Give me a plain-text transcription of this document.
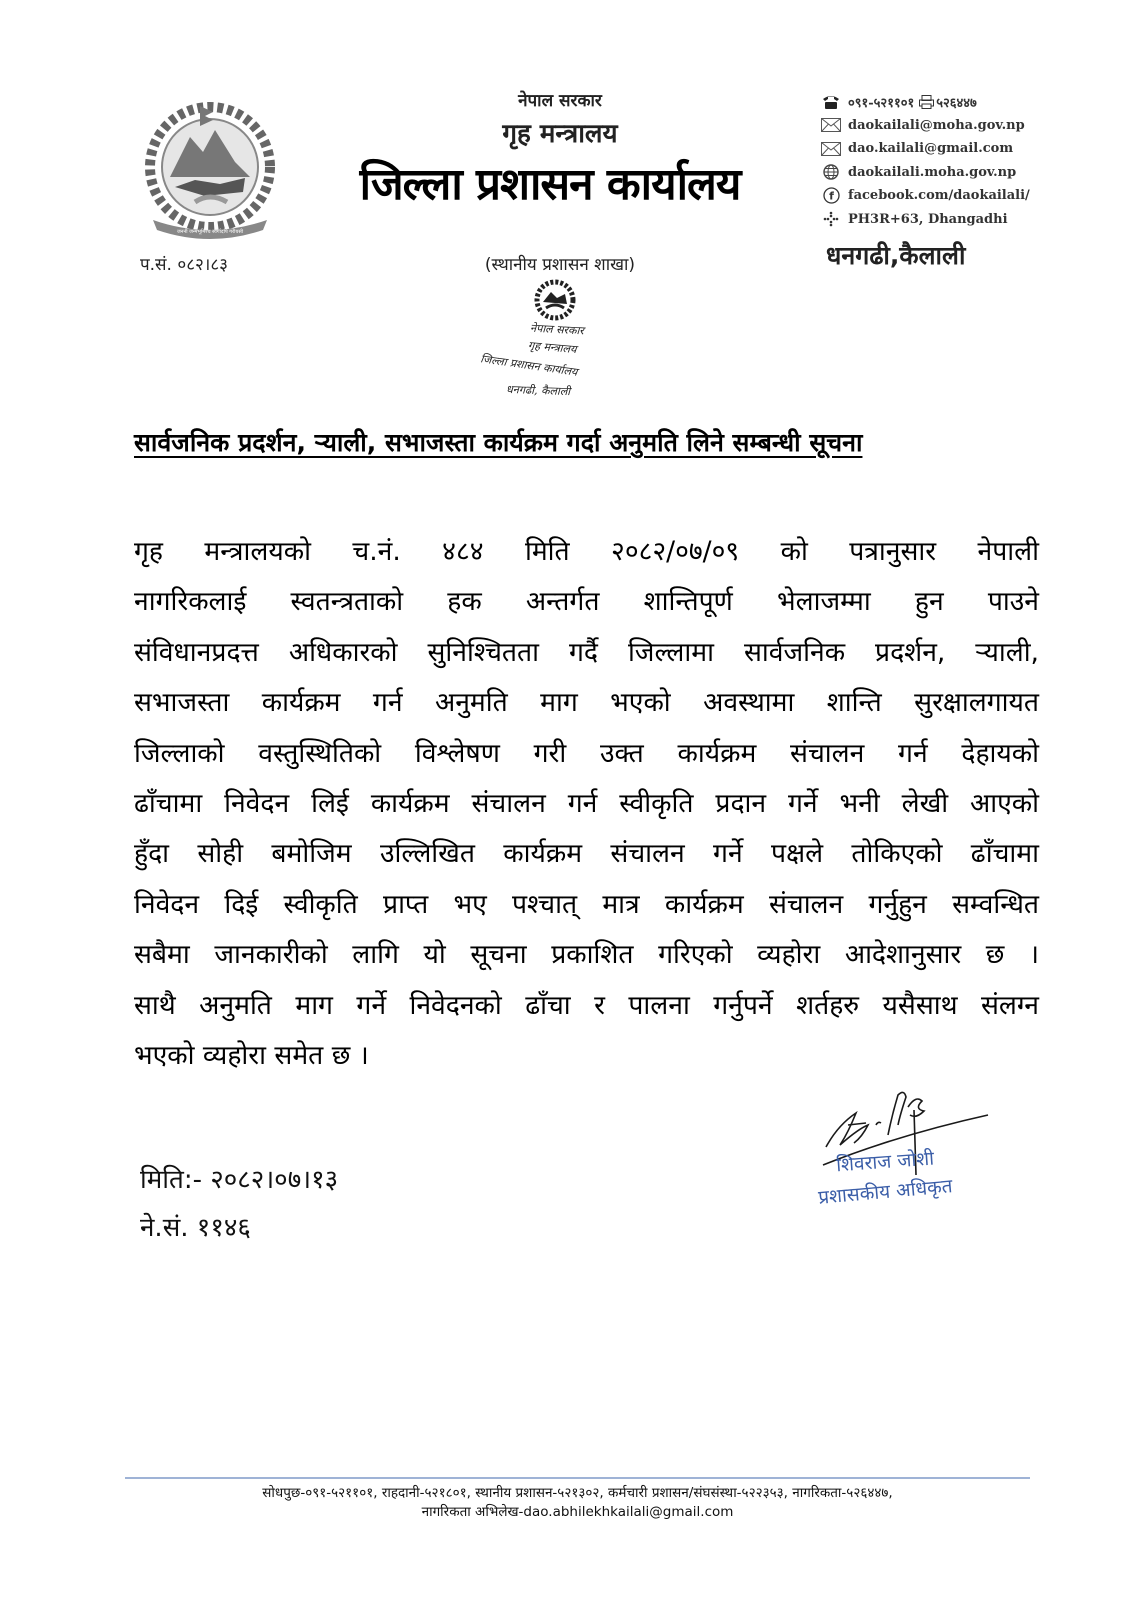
जननी जन्मभूमिश्च स्वर्गादपि गरीयसी
नेपाल सरकार
गृह मन्त्रालय
जिल्ला प्रशासन कार्यालय
०९१-५२११०१ ५२६४४७
daokailali@moha.gov.np
dao.kailali@gmail.com
daokailali.moha.gov.np
f facebook.com/daokailali/
PH3R+63, Dhangadhi
धनगढी,कैलाली
प.सं. ०८२।८३	(स्थानीय प्रशासन शाखा)
नेपाल सरकार
गृह मन्त्रालय
जिल्ला प्रशासन कार्यालय
धनगढी, कैलाली
सार्वजनिक प्रदर्शन, र्‍याली, सभाजस्ता कार्यक्रम गर्दा अनुमति लिने सम्बन्धी सूचना
गृह मन्त्रालयको च.नं. ४८४ मिति २०८२/०७/०९ को पत्रानुसार नेपाली
नागरिकलाई स्वतन्त्रताको हक अन्तर्गत शान्तिपूर्ण भेलाजम्मा हुन पाउने
संविधानप्रदत्त अधिकारको सुनिश्चितता गर्दै जिल्लामा सार्वजनिक प्रदर्शन, र्‍याली,
सभाजस्ता कार्यक्रम गर्न अनुमति माग भएको अवस्थामा शान्ति सुरक्षालगायत
जिल्लाको वस्तुस्थितिको विश्लेषण गरी उक्त कार्यक्रम संचालन गर्न देहायको
ढाँचामा निवेदन लिई कार्यक्रम संचालन गर्न स्वीकृति प्रदान गर्ने भनी लेखी आएको
हुँदा सोही बमोजिम उल्लिखित कार्यक्रम संचालन गर्ने पक्षले तोकिएको ढाँचामा
निवेदन दिई स्वीकृति प्राप्त भए पश्चात् मात्र कार्यक्रम संचालन गर्नुहुन सम्वन्धित
सबैमा जानकारीको लागि यो सूचना प्रकाशित गरिएको व्यहोरा आदेशानुसार छ ।
साथै अनुमति माग गर्ने निवेदनको ढाँचा र पालना गर्नुपर्ने शर्तहरु यसैसाथ संलग्न
भएको व्यहोरा समेत छ ।
मिति:- २०८२।०७।१३
ने.सं. ११४६
शिवराज जोशी
प्रशासकीय अधिकृत
सोधपुछ-०९१-५२११०१, राहदानी-५२१८०१, स्थानीय प्रशासन-५२१३०२, कर्मचारी प्रशासन/संघसंस्था-५२२३५३, नागरिकता-५२६४४७,
नागरिकता अभिलेख-dao.abhilekhkailali@gmail.com
